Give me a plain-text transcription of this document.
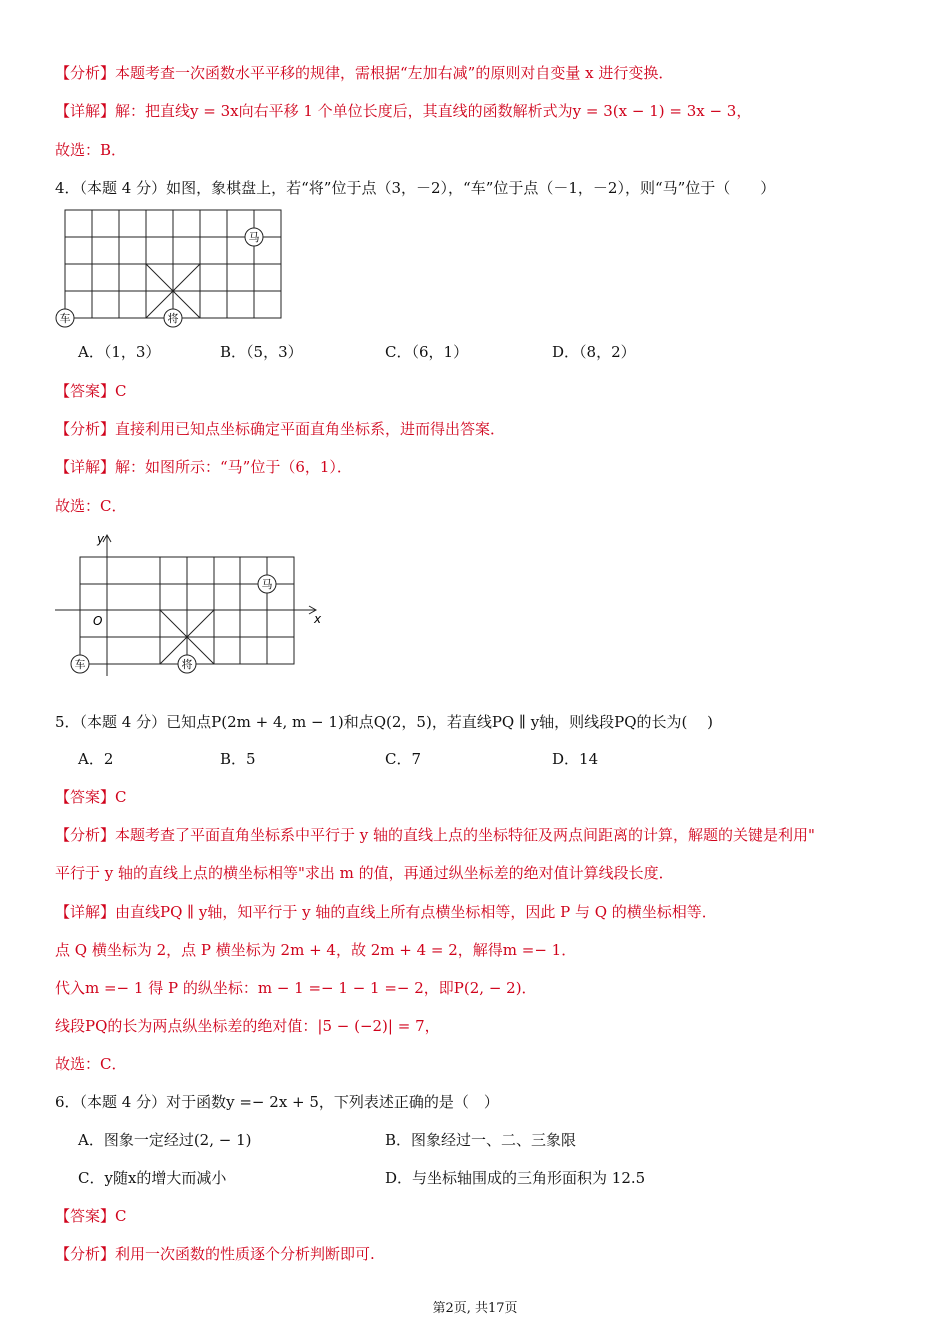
【分析】本题考查一次函数水平平移的规律，需根据“左加右减”的原则对自变量 x 进行变换．
【详解】解：把直线y = 3x向右平移 1 个单位长度后，其直线的函数解析式为y = 3(x − 1) = 3x − 3，
故选：B．
4．（本题 4 分）如图，象棋盘上，若“将”位于点（3，－2），“车”位于点（－1，－2），则“马”位于（　　）
马
车	将
A．（1，3）	B．（5，3）	C．（6，1）	D．（8，2）
【答案】C
【分析】直接利用已知点坐标确定平面直角坐标系，进而得出答案．
【详解】解：如图所示：“马”位于（6，1）．
故选：C．
x
y
O
马
车	将
5．（本题 4 分）已知点P(2m + 4, m − 1)和点Q(2，5)，若直线PQ ∥ y轴，则线段PQ的长为(　 )
A．2	B．5	C．7	D．14
【答案】C
【分析】本题考查了平面直角坐标系中平行于 y 轴的直线上点的坐标特征及两点间距离的计算，解题的关键是利用"
平行于 y 轴的直线上点的横坐标相等"求出 m 的值，再通过纵坐标差的绝对值计算线段长度．
【详解】由直线PQ ∥ y轴，知平行于 y 轴的直线上所有点横坐标相等，因此 P 与 Q 的横坐标相等．
点 Q 横坐标为 2，点 P 横坐标为 2m + 4，故 2m + 4 = 2，解得m =− 1．
代入m =− 1 得 P 的纵坐标：m − 1 =− 1 − 1 =− 2，即P(2, − 2)．
线段PQ的长为两点纵坐标差的绝对值：|5 − (−2)| = 7，
故选：C．
6．（本题 4 分）对于函数y =− 2x + 5，下列表述正确的是（　）
A．图象一定经过(2, − 1)	B．图象经过一、二、三象限
C．y随x的增大而减小	D．与坐标轴围成的三角形面积为 12.5
【答案】C
【分析】利用一次函数的性质逐个分析判断即可.
第2页, 共17页
